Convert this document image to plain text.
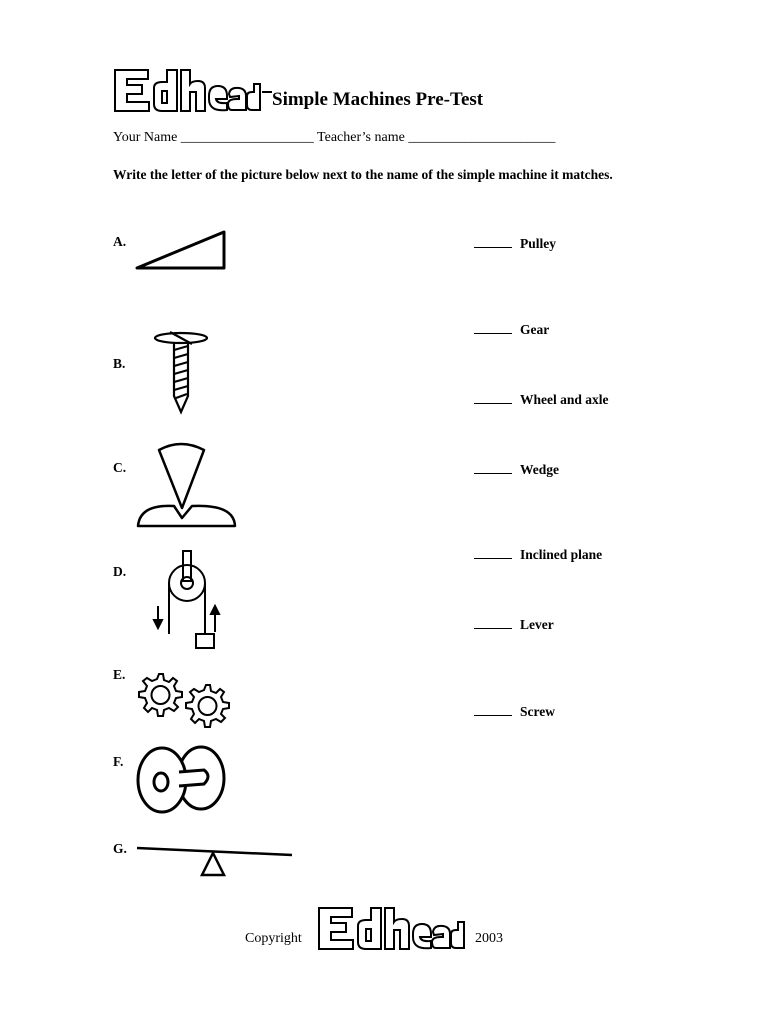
Edheads
Simple Machines Pre-Test
Your Name ___________________ Teacher’s name _____________________
Write the letter of the picture below next to the name of the simple machine it matches.
A.
B.
C.
D.
E.
F.
G.
Pulley
Gear
Wheel and axle
Wedge
Inclined plane
Lever
Screw
Copyright
Edheads
2003
